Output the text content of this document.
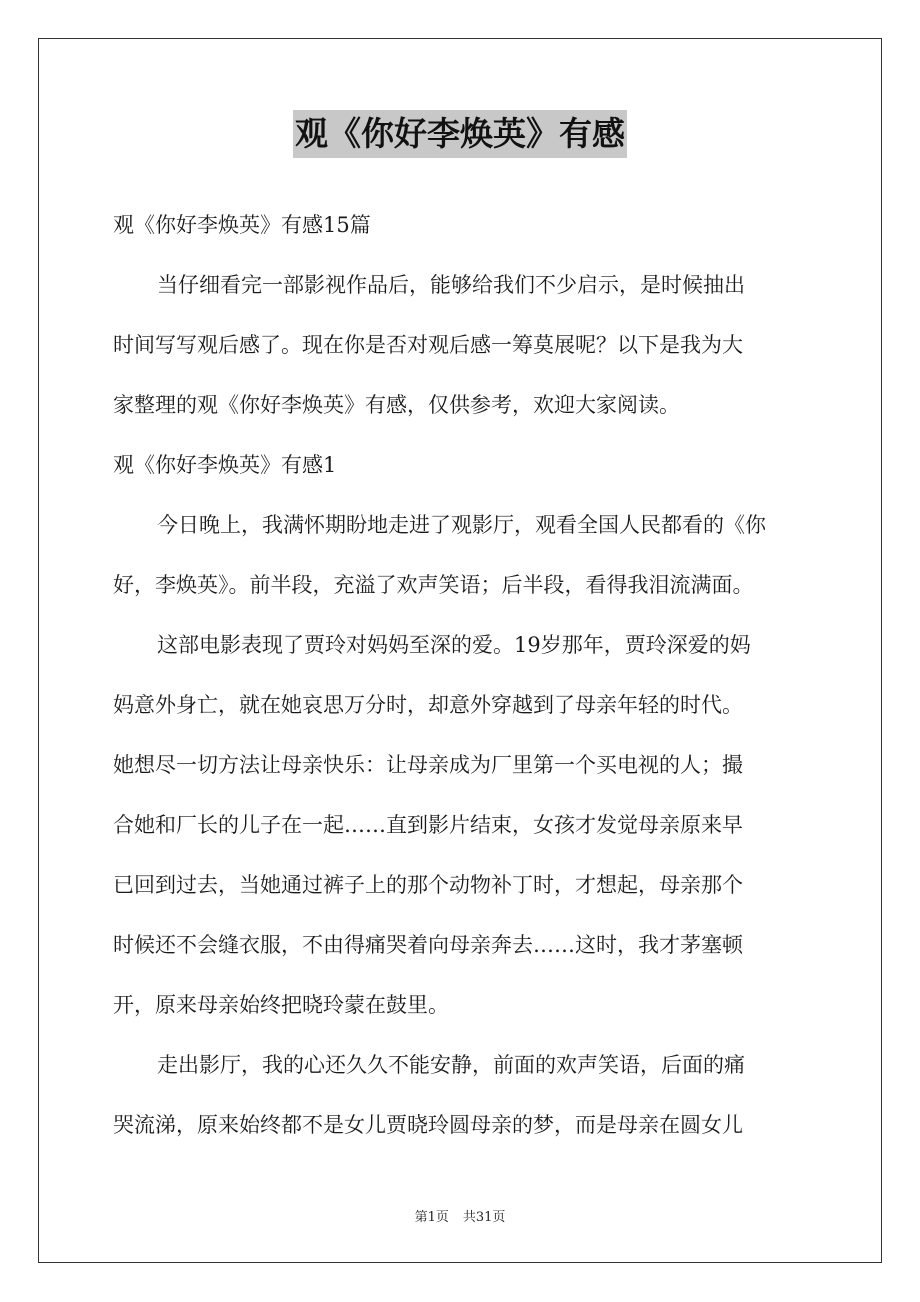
观《你好李焕英》有感

观《你好李焕英》有感15篇

当仔细看完一部影视作品后，能够给我们不少启示，是时候抽出

时间写写观后感了。现在你是否对观后感一筹莫展呢？以下是我为大

家整理的观《你好李焕英》有感，仅供参考，欢迎大家阅读。

观《你好李焕英》有感1

今日晚上，我满怀期盼地走进了观影厅，观看全国人民都看的《你

好，李焕英》。前半段，充溢了欢声笑语；后半段，看得我泪流满面。

这部电影表现了贾玲对妈妈至深的爱。19岁那年，贾玲深爱的妈

妈意外身亡，就在她哀思万分时，却意外穿越到了母亲年轻的时代。

她想尽一切方法让母亲快乐：让母亲成为厂里第一个买电视的人；撮

合她和厂长的儿子在一起……直到影片结束，女孩才发觉母亲原来早

已回到过去，当她通过裤子上的那个动物补丁时，才想起，母亲那个

时候还不会缝衣服，不由得痛哭着向母亲奔去……这时，我才茅塞顿

开，原来母亲始终把晓玲蒙在鼓里。

走出影厅，我的心还久久不能安静，前面的欢声笑语，后面的痛

哭流涕，原来始终都不是女儿贾晓玲圆母亲的梦，而是母亲在圆女儿

第1页 共31页
